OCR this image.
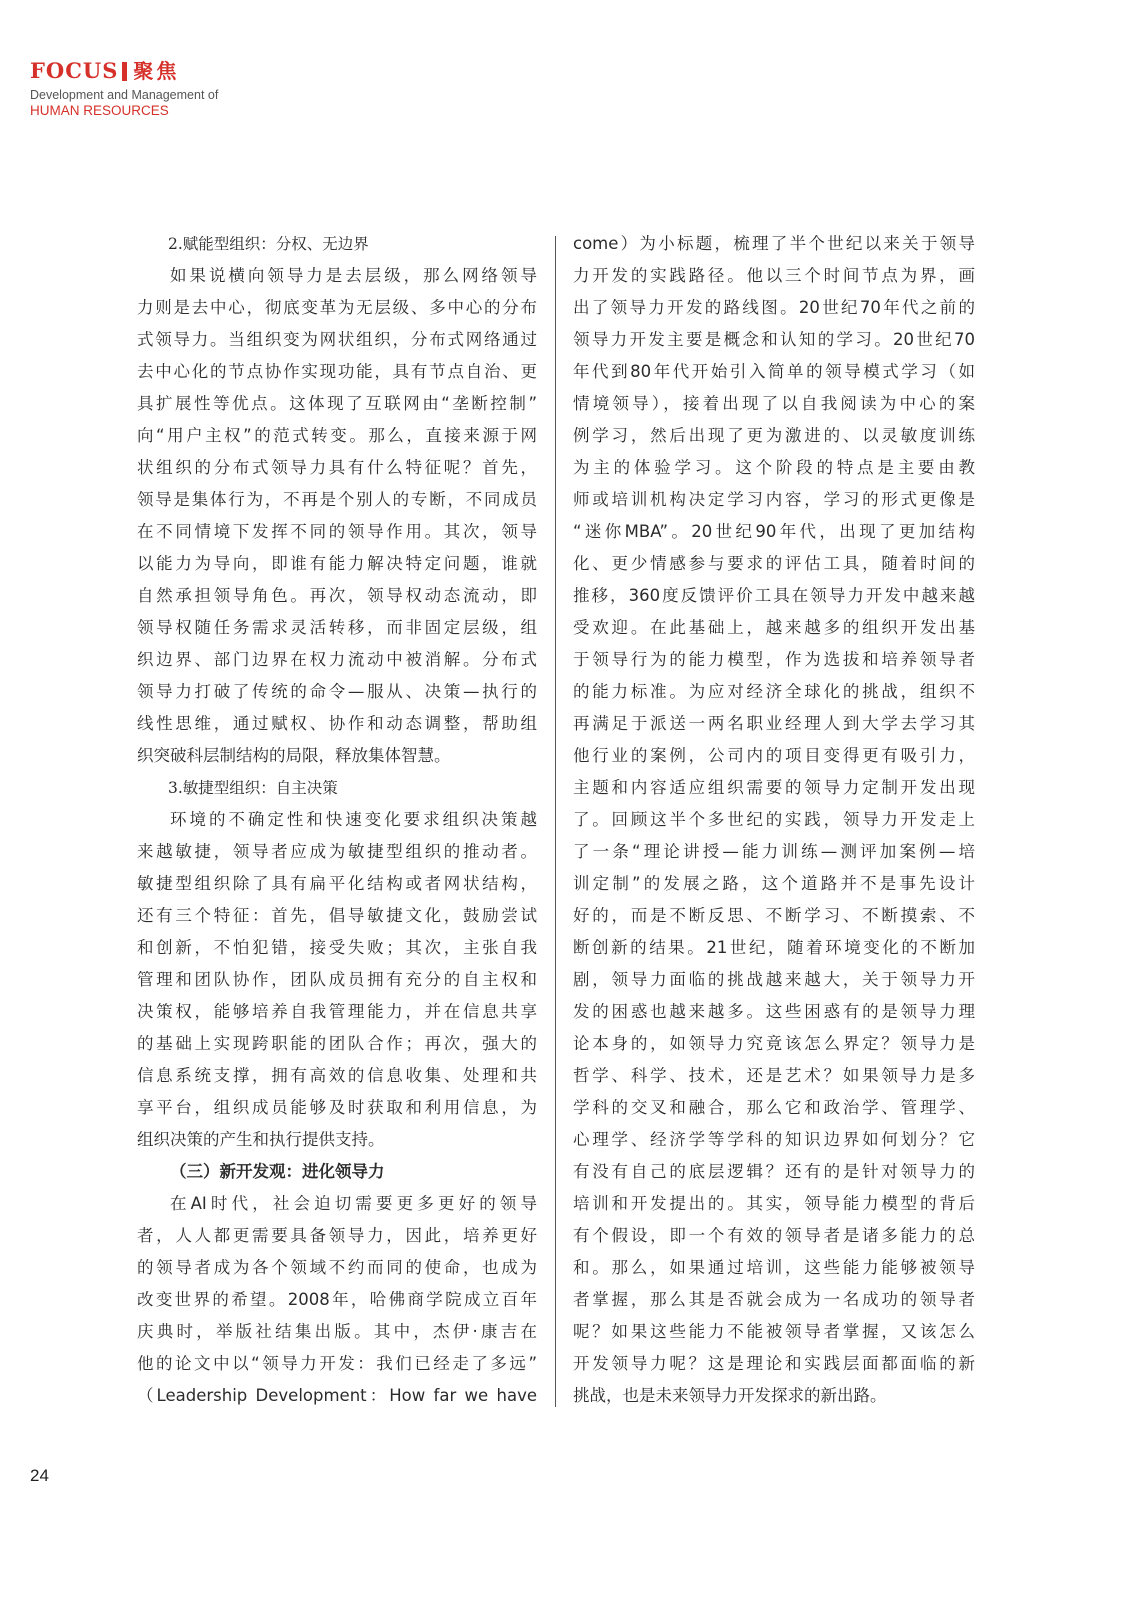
FOCUS 聚焦
Development and Management of
HUMAN RESOURCES
2.赋能型组织：分权、无边界
如果说横向领导力是去层级，那么网络领导
力则是去中心，彻底变革为无层级、多中心的分布
式领导力。当组织变为网状组织，分布式网络通过
去中心化的节点协作实现功能，具有节点自治、更
具扩展性等优点。这体现了互联网由“垄断控制”
向“用户主权”的范式转变。那么，直接来源于网
状组织的分布式领导力具有什么特征呢？首先，
领导是集体行为，不再是个别人的专断，不同成员
在不同情境下发挥不同的领导作用。其次，领导
以能力为导向，即谁有能力解决特定问题，谁就
自然承担领导角色。再次，领导权动态流动，即
领导权随任务需求灵活转移，而非固定层级，组
织边界、部门边界在权力流动中被消解。分布式
领导力打破了传统的命令—服从、决策—执行的
线性思维，通过赋权、协作和动态调整，帮助组
织突破科层制结构的局限，释放集体智慧。
3.敏捷型组织：自主决策
环境的不确定性和快速变化要求组织决策越
来越敏捷，领导者应成为敏捷型组织的推动者。
敏捷型组织除了具有扁平化结构或者网状结构，
还有三个特征：首先，倡导敏捷文化，鼓励尝试
和创新，不怕犯错，接受失败；其次，主张自我
管理和团队协作，团队成员拥有充分的自主权和
决策权，能够培养自我管理能力，并在信息共享
的基础上实现跨职能的团队合作；再次，强大的
信息系统支撑，拥有高效的信息收集、处理和共
享平台，组织成员能够及时获取和利用信息，为
组织决策的产生和执行提供支持。
（三）新开发观：进化领导力
在AI时代，社会迫切需要更多更好的领导
者，人人都更需要具备领导力，因此，培养更好
的领导者成为各个领域不约而同的使命，也成为
改变世界的希望。2008年，哈佛商学院成立百年
庆典时，举版社结集出版。其中，杰伊·康吉在
他的论文中以“领导力开发：我们已经走了多远”
（Leadership Development：How far we have
come）为小标题，梳理了半个世纪以来关于领导
力开发的实践路径。他以三个时间节点为界，画
出了领导力开发的路线图。20世纪70年代之前的
领导力开发主要是概念和认知的学习。20世纪70
年代到80年代开始引入简单的领导模式学习（如
情境领导），接着出现了以自我阅读为中心的案
例学习，然后出现了更为激进的、以灵敏度训练
为主的体验学习。这个阶段的特点是主要由教
师或培训机构决定学习内容，学习的形式更像是
“迷你MBA”。20世纪90年代，出现了更加结构
化、更少情感参与要求的评估工具，随着时间的
推移，360度反馈评价工具在领导力开发中越来越
受欢迎。在此基础上，越来越多的组织开发出基
于领导行为的能力模型，作为选拔和培养领导者
的能力标准。为应对经济全球化的挑战，组织不
再满足于派送一两名职业经理人到大学去学习其
他行业的案例，公司内的项目变得更有吸引力，
主题和内容适应组织需要的领导力定制开发出现
了。回顾这半个多世纪的实践，领导力开发走上
了一条“理论讲授—能力训练—测评加案例—培
训定制”的发展之路，这个道路并不是事先设计
好的，而是不断反思、不断学习、不断摸索、不
断创新的结果。21世纪，随着环境变化的不断加
剧，领导力面临的挑战越来越大，关于领导力开
发的困惑也越来越多。这些困惑有的是领导力理
论本身的，如领导力究竟该怎么界定？领导力是
哲学、科学、技术，还是艺术？如果领导力是多
学科的交叉和融合，那么它和政治学、管理学、
心理学、经济学等学科的知识边界如何划分？它
有没有自己的底层逻辑？还有的是针对领导力的
培训和开发提出的。其实，领导能力模型的背后
有个假设，即一个有效的领导者是诸多能力的总
和。那么，如果通过培训，这些能力能够被领导
者掌握，那么其是否就会成为一名成功的领导者
呢？如果这些能力不能被领导者掌握，又该怎么
开发领导力呢？这是理论和实践层面都面临的新
挑战，也是未来领导力开发探求的新出路。
24
